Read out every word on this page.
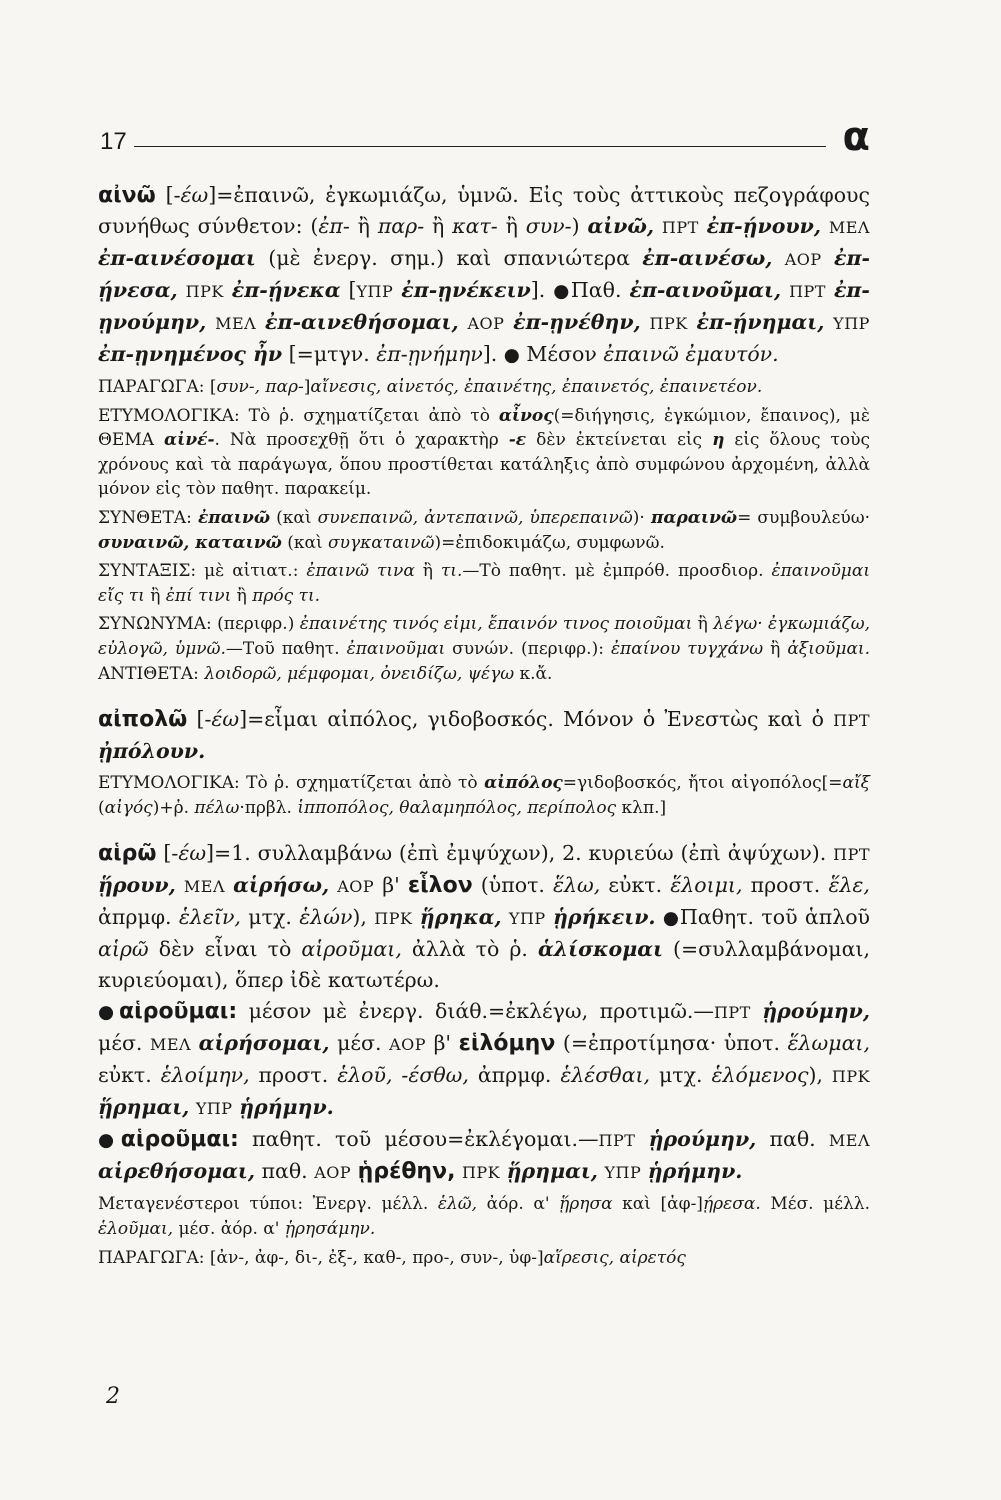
17	α

αἰνῶ [-έω]=ἐπαινῶ, ἐγκωμιάζω, ὑμνῶ. Εἰς τοὺς ἀττικοὺς πεζογράφους συνήθως σύνθετον: (ἐπ- ἢ παρ- ἢ κατ- ἢ συν-) αἰνῶ, ΠΡΤ ἐπ-ῄνουν, ΜΕΛ ἐπ-αινέσομαι (μὲ ἐνεργ. σημ.) καὶ σπανιώτερα ἐπ-αινέσω, ΑΟΡ ἐπ-ῄνεσα, ΠΡΚ ἐπ-ῄνεκα [ΥΠΡ ἐπ-ῃνέκειν]. ●Παθ. ἐπ-αινοῦμαι, ΠΡΤ ἐπ-ῃνούμην, ΜΕΛ ἐπ-αινεθήσομαι, ΑΟΡ ἐπ-ῃνέθην, ΠΡΚ ἐπ-ῄνημαι, ΥΠΡ ἐπ-ῃνημένος ἦν [=μτγν. ἐπ-ῃνήμην]. ● Μέσον ἐπαινῶ ἐμαυτόν.

ΠΑΡΑΓΩΓΑ: [συν-, παρ-]αἴνεσις, αἰνετός, ἐπαινέτης, ἐπαινετός, ἐπαινετέον.

ΕΤΥΜΟΛΟΓΙΚΑ: Τὸ ῥ. σχηματίζεται ἀπὸ τὸ αἶνος(=διήγησις, ἐγκώμιον, ἔπαινος), μὲ ΘΕΜΑ αἰνέ-. Νὰ προσεχθῇ ὅτι ὁ χαρακτὴρ -ε δὲν ἐκτείνεται εἰς η εἰς ὅλους τοὺς χρόνους καὶ τὰ παράγωγα, ὅπου προστίθεται κατάληξις ἀπὸ συμφώνου ἀρχομένη, ἀλλὰ μόνον εἰς τὸν παθητ. παρακείμ.

ΣΥΝΘΕΤΑ: ἐπαινῶ (καὶ συνεπαινῶ, ἀντεπαινῶ, ὑπερεπαινῶ)· παραινῶ= συμβουλεύω· συναινῶ, καταινῶ (καὶ συγκαταινῶ)=ἐπιδοκιμάζω, συμφωνῶ.

ΣΥΝΤΑΞΙΣ: μὲ αἰτιατ.: ἐπαινῶ τινα ἢ τι.—Τὸ παθητ. μὲ ἐμπρόθ. προσδιορ. ἐπαινοῦμαι εἴς τι ἢ ἐπί τινι ἢ πρός τι.

ΣΥΝΩΝΥΜΑ: (περιφρ.) ἐπαινέτης τινός εἰμι, ἔπαινόν τινος ποιοῦμαι ἢ λέγω· ἐγκωμιάζω, εὐλογῶ, ὑμνῶ.—Τοῦ παθητ. ἐπαινοῦμαι συνών. (περιφρ.): ἐπαίνου τυγχάνω ἢ ἀξιοῦμαι. ΑΝΤΙΘΕΤΑ: λοιδορῶ, μέμφομαι, ὀνειδίζω, ψέγω κ.ἄ.

αἰπολῶ [-έω]=εἶμαι αἰπόλος, γιδοβοσκός. Μόνον ὁ Ἐνεστὼς καὶ ὁ ΠΡΤ ᾐπόλουν.

ΕΤΥΜΟΛΟΓΙΚΑ: Τὸ ῥ. σχηματίζεται ἀπὸ τὸ αἰπόλος=γιδοβοσκός, ἤτοι αἰγοπόλος[=αἴξ (αἰγός)+ῥ. πέλω·πρβλ. ἱπποπόλος, θαλαμηπόλος, περίπολος κλπ.]

αἱρῶ [-έω]=1. συλλαμβάνω (ἐπὶ ἐμψύχων), 2. κυριεύω (ἐπὶ ἀψύχων). ΠΡΤ ᾕρουν, ΜΕΛ αἱρήσω, ΑΟΡ β' εἷλον (ὑποτ. ἕλω, εὐκτ. ἕλοιμι, προστ. ἕλε, ἀπρμφ. ἑλεῖν, μτχ. ἑλών), ΠΡΚ ᾕρηκα, ΥΠΡ ᾑρήκειν. ●Παθητ. τοῦ ἁπλοῦ αἱρῶ δὲν εἶναι τὸ αἱροῦμαι, ἀλλὰ τὸ ῥ. ἁλίσκομαι (=συλλαμβάνομαι, κυριεύομαι), ὅπερ ἰδὲ κατωτέρω.

●αἱροῦμαι: μέσον μὲ ἐνεργ. διάθ.=ἐκλέγω, προτιμῶ.—ΠΡΤ ᾑρούμην, μέσ. ΜΕΛ αἱρήσομαι, μέσ. ΑΟΡ β' εἱλόμην (=ἐπροτίμησα· ὑποτ. ἕλωμαι, εὐκτ. ἑλοίμην, προστ. ἑλοῦ, -έσθω, ἀπρμφ. ἑλέσθαι, μτχ. ἑλόμενος), ΠΡΚ ᾕρημαι, ΥΠΡ ᾑρήμην.

●αἱροῦμαι: παθητ. τοῦ μέσου=ἐκλέγομαι.—ΠΡΤ ᾑρούμην, παθ. ΜΕΛ αἱρεθήσομαι, παθ. ΑΟΡ ᾑρέθην, ΠΡΚ ᾕρημαι, ΥΠΡ ᾑρήμην.

Μεταγενέστεροι τύποι: Ἐνεργ. μέλλ. ἑλῶ, ἀόρ. α' ᾕρησα καὶ [ἀφ-]ῄρεσα. Μέσ. μέλλ. ἑλοῦμαι, μέσ. ἀόρ. α' ᾑρησάμην.

ΠΑΡΑΓΩΓΑ: [ἀν-, ἀφ-, δι-, ἐξ-, καθ-, προ-, συν-, ὑφ-]αἵρεσις, αἱρετός

2
